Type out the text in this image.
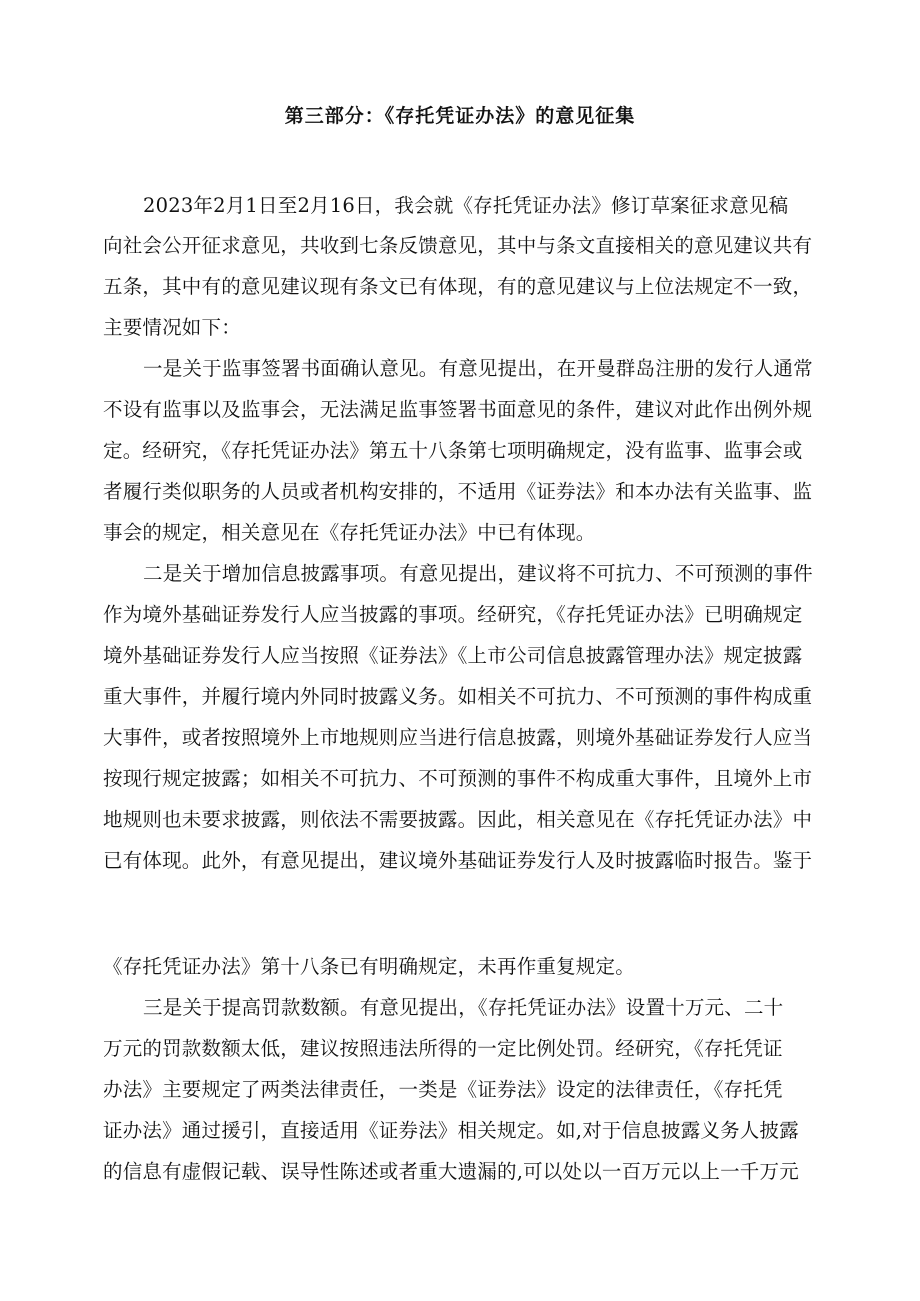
第三部分：《存托凭证办法》的意见征集
2023年2月1日至2月16日，我会就《存托凭证办法》修订草案征求意见稿
向社会公开征求意见，共收到七条反馈意见，其中与条文直接相关的意见建议共有
五条，其中有的意见建议现有条文已有体现，有的意见建议与上位法规定不一致，
主要情况如下：
一是关于监事签署书面确认意见。有意见提出，在开曼群岛注册的发行人通常
不设有监事以及监事会，无法满足监事签署书面意见的条件，建议对此作出例外规
定。经研究，《存托凭证办法》第五十八条第七项明确规定，没有监事、监事会或
者履行类似职务的人员或者机构安排的，不适用《证券法》和本办法有关监事、监
事会的规定，相关意见在《存托凭证办法》中已有体现。
二是关于增加信息披露事项。有意见提出，建议将不可抗力、不可预测的事件
作为境外基础证券发行人应当披露的事项。经研究，《存托凭证办法》已明确规定
境外基础证券发行人应当按照《证券法》《上市公司信息披露管理办法》规定披露
重大事件，并履行境内外同时披露义务。如相关不可抗力、不可预测的事件构成重
大事件，或者按照境外上市地规则应当进行信息披露，则境外基础证券发行人应当
按现行规定披露；如相关不可抗力、不可预测的事件不构成重大事件，且境外上市
地规则也未要求披露，则依法不需要披露。因此，相关意见在《存托凭证办法》中
已有体现。此外，有意见提出，建议境外基础证券发行人及时披露临时报告。鉴于
《存托凭证办法》第十八条已有明确规定，未再作重复规定。
三是关于提高罚款数额。有意见提出，《存托凭证办法》设置十万元、二十
万元的罚款数额太低，建议按照违法所得的一定比例处罚。经研究，《存托凭证
办法》主要规定了两类法律责任，一类是《证券法》设定的法律责任，《存托凭
证办法》通过援引，直接适用《证券法》相关规定。如,对于信息披露义务人披露
的信息有虚假记载、误导性陈述或者重大遗漏的,可以处以一百万元以上一千万元
